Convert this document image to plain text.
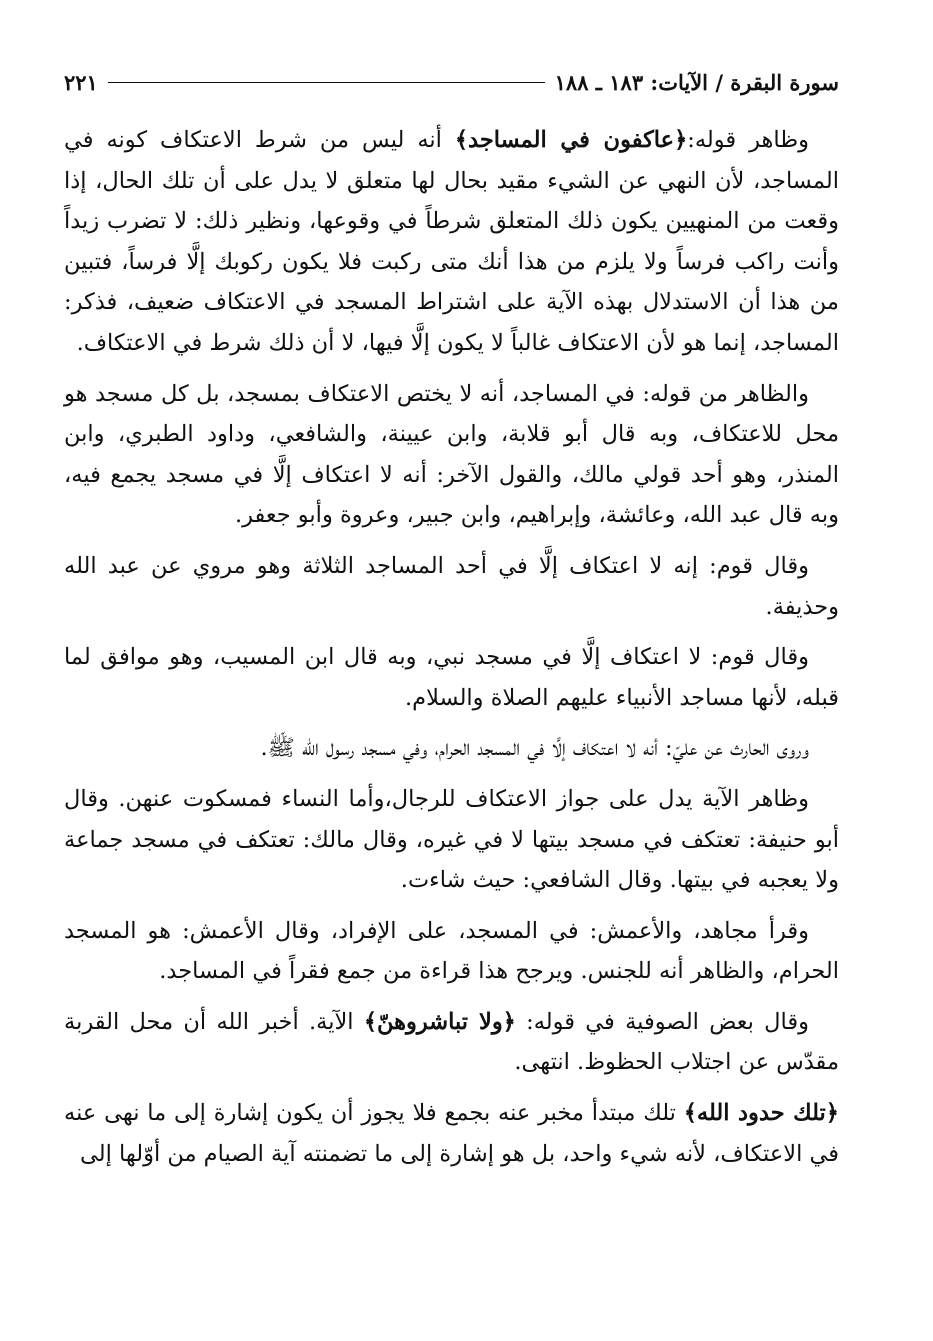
سورة البقرة / الآيات: ١٨٣ ـ ١٨٨
٢٢١

وظاهر قوله:﴿عاكفون في المساجد﴾ أنه ليس من شرط الاعتكاف كونه في المساجد، لأن النهي عن الشيء مقيد بحال لها متعلق لا يدل على أن تلك الحال، إذا وقعت من المنهيين يكون ذلك المتعلق شرطاً في وقوعها، ونظير ذلك: لا تضرب زيداً وأنت راكب فرساً ولا يلزم من هذا أنك متى ركبت فلا يكون ركوبك إلَّا فرساً، فتبين من هذا أن الاستدلال بهذه الآية على اشتراط المسجد في الاعتكاف ضعيف، فذكر: المساجد، إنما هو لأن الاعتكاف غالباً لا يكون إلَّا فيها، لا أن ذلك شرط في الاعتكاف.

والظاهر من قوله: في المساجد، أنه لا يختص الاعتكاف بمسجد، بل كل مسجد هو محل للاعتكاف، وبه قال أبو قلابة، وابن عيينة، والشافعي، وداود الطبري، وابن المنذر، وهو أحد قولي مالك، والقول الآخر: أنه لا اعتكاف إلَّا في مسجد يجمع فيه، وبه قال عبد الله، وعائشة، وإبراهيم، وابن جبير، وعروة وأبو جعفر.

وقال قوم: إنه لا اعتكاف إلَّا في أحد المساجد الثلاثة وهو مروي عن عبد الله وحذيفة.

وقال قوم: لا اعتكاف إلَّا في مسجد نبي، وبه قال ابن المسيب، وهو موافق لما قبله، لأنها مساجد الأنبياء عليهم الصلاة والسلام.

وروى الحارث عن عليّ: أنه لا اعتكاف إلَّا في المسجد الحرام، وفي مسجد رسول الله ﷺ.

وظاهر الآية يدل على جواز الاعتكاف للرجال،وأما النساء فمسكوت عنهن. وقال أبو حنيفة: تعتكف في مسجد بيتها لا في غيره، وقال مالك: تعتكف في مسجد جماعة ولا يعجبه في بيتها. وقال الشافعي: حيث شاءت.

وقرأ مجاهد، والأعمش: في المسجد، على الإفراد، وقال الأعمش: هو المسجد الحرام، والظاهر أنه للجنس. ويرجح هذا قراءة من جمع فقراً في المساجد.

وقال بعض الصوفية في قوله: ﴿ولا تباشروهنّ﴾ الآية. أخبر الله أن محل القربة مقدّس عن اجتلاب الحظوظ. انتهى.

﴿تلك حدود الله﴾ تلك مبتدأ مخبر عنه بجمع فلا يجوز أن يكون إشارة إلى ما نهى عنه في الاعتكاف، لأنه شيء واحد، بل هو إشارة إلى ما تضمنته آية الصيام من أوّلها إلى
